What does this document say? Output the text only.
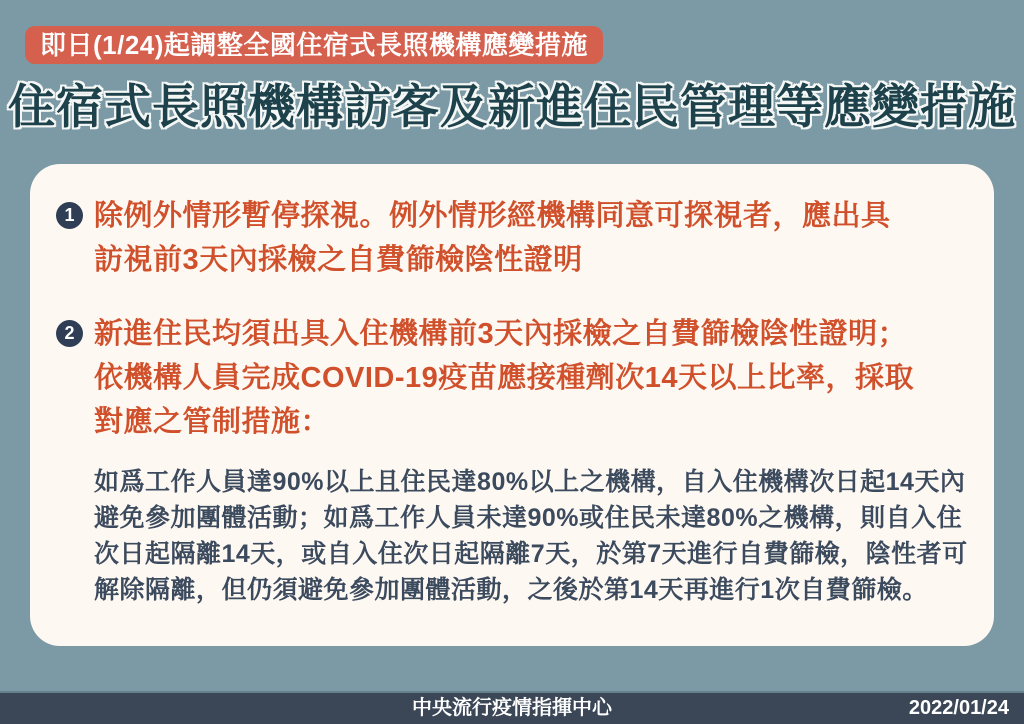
即日(1/24)起調整全國住宿式長照機構應變措施
住宿式長照機構訪客及新進住民管理等應變措施
1 除例外情形暫停探視。例外情形經機構同意可探視者，應出具
訪視前3天內採檢之自費篩檢陰性證明
2 新進住民均須出具入住機構前3天內採檢之自費篩檢陰性證明；
依機構人員完成COVID-19疫苗應接種劑次14天以上比率，採取
對應之管制措施：
如爲工作人員達90%以上且住民達80%以上之機構，自入住機構次日起14天內
避免參加團體活動；如爲工作人員未達90%或住民未達80%之機構，則自入住
次日起隔離14天，或自入住次日起隔離7天，於第7天進行自費篩檢，陰性者可
解除隔離，但仍須避免參加團體活動，之後於第14天再進行1次自費篩檢。
中央流行疫情指揮中心	2022/01/24
